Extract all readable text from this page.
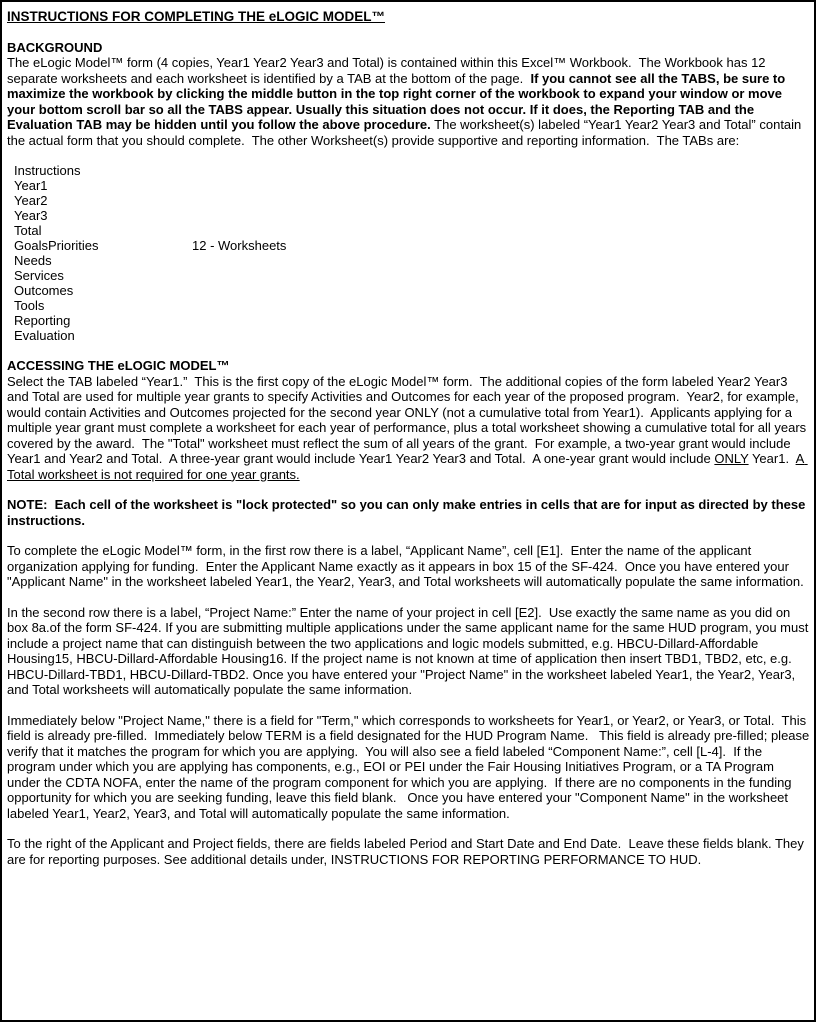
INSTRUCTIONS FOR COMPLETING THE eLOGIC MODEL™
BACKGROUND

The eLogic Model™ form (4 copies, Year1 Year2 Year3 and Total) is contained within this Excel™ Workbook.  The Workbook has 12 separate worksheets and each worksheet is identified by a TAB at the bottom of the page.  If you cannot see all the TABS, be sure to maximize the workbook by clicking the middle button in the top right corner of the workbook to expand your window or move your bottom scroll bar so all the TABS appear. Usually this situation does not occur. If it does, the Reporting TAB and the Evaluation TAB may be hidden until you follow the above procedure. The worksheet(s) labeled “Year1 Year2 Year3 and Total” contain the actual form that you should complete.  The other Worksheet(s) provide supportive and reporting information.  The TABs are:

Instructions
Year1
Year2
Year3
Total
GoalsPriorities	12 - Worksheets
Needs
Services
Outcomes
Tools
Reporting
Evaluation
ACCESSING THE eLOGIC MODEL™

Select the TAB labeled “Year1.”  This is the first copy of the eLogic Model™ form.  The additional copies of the form labeled Year2 Year3 and Total are used for multiple year grants to specify Activities and Outcomes for each year of the proposed program.  Year2, for example, would contain Activities and Outcomes projected for the second year ONLY (not a cumulative total from Year1).  Applicants applying for a multiple year grant must complete a worksheet for each year of performance, plus a total worksheet showing a cumulative total for all years covered by the award.  The "Total" worksheet must reflect the sum of all years of the grant.  For example, a two-year grant would include Year1 and Year2 and Total.  A three-year grant would include Year1 Year2 Year3 and Total.  A one-year grant would include ONLY Year1.  A Total worksheet is not required for one year grants.

NOTE:  Each cell of the worksheet is "lock protected" so you can only make entries in cells that are for input as directed by these instructions.

To complete the eLogic Model™ form, in the first row there is a label, “Applicant Name”, cell [E1].  Enter the name of the applicant organization applying for funding.  Enter the Applicant Name exactly as it appears in box 15 of the SF-424.  Once you have entered your "Applicant Name" in the worksheet labeled Year1, the Year2, Year3, and Total worksheets will automatically populate the same information.

In the second row there is a label, “Project Name:” Enter the name of your project in cell [E2].  Use exactly the same name as you did on box 8a.of the form SF-424. If you are submitting multiple applications under the same applicant name for the same HUD program, you must include a project name that can distinguish between the two applications and logic models submitted, e.g. HBCU-Dillard-Affordable Housing15, HBCU-Dillard-Affordable Housing16. If the project name is not known at time of application then insert TBD1, TBD2, etc, e.g. HBCU-Dillard-TBD1, HBCU-Dillard-TBD2. Once you have entered your "Project Name" in the worksheet labeled Year1, the Year2, Year3, and Total worksheets will automatically populate the same information.

Immediately below "Project Name," there is a field for "Term," which corresponds to worksheets for Year1, or Year2, or Year3, or Total.  This field is already pre-filled.  Immediately below TERM is a field designated for the HUD Program Name.   This field is already pre-filled; please verify that it matches the program for which you are applying.  You will also see a field labeled “Component Name:”, cell [L-4].  If the program under which you are applying has components, e.g., EOI or PEI under the Fair Housing Initiatives Program, or a TA Program under the CDTA NOFA, enter the name of the program component for which you are applying.  If there are no components in the funding opportunity for which you are seeking funding, leave this field blank.   Once you have entered your "Component Name" in the worksheet labeled Year1, Year2, Year3, and Total will automatically populate the same information.

To the right of the Applicant and Project fields, there are fields labeled Period and Start Date and End Date.  Leave these fields blank. They are for reporting purposes. See additional details under, INSTRUCTIONS FOR REPORTING PERFORMANCE TO HUD.
